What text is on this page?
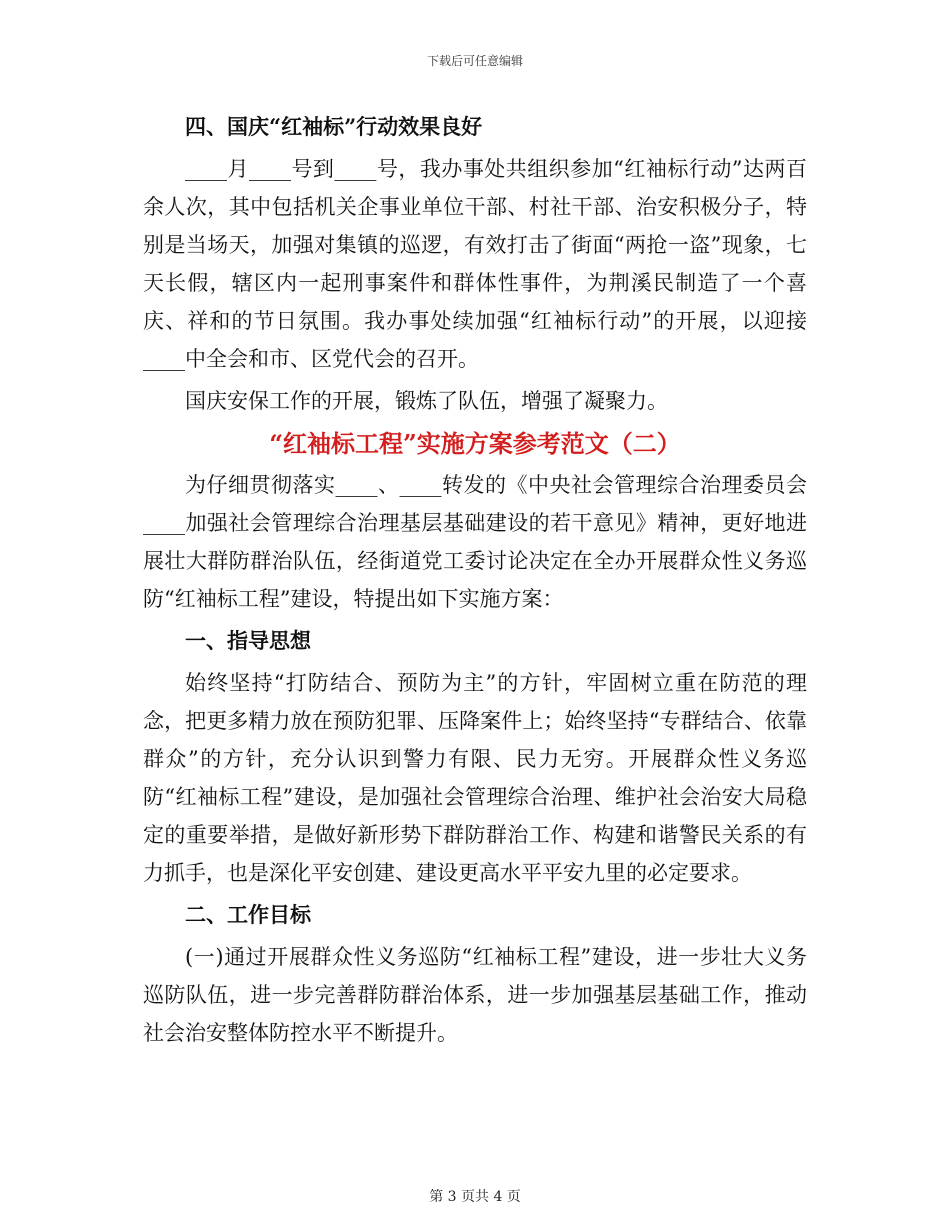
下载后可任意编辑
四、国庆“红袖标”行动效果良好
____月____号到____号，我办事处共组织参加“红袖标行动”达两百余人次，其中包括机关企事业单位干部、村社干部、治安积极分子，特别是当场天，加强对集镇的巡逻，有效打击了街面“两抢一盗”现象，七天长假，辖区内一起刑事案件和群体性事件，为荆溪民制造了一个喜庆、祥和的节日氛围。我办事处续加强“红袖标行动”的开展，以迎接____中全会和市、区党代会的召开。
国庆安保工作的开展，锻炼了队伍，增强了凝聚力。
“红袖标工程”实施方案参考范文（二）
为仔细贯彻落实____、____转发的《中央社会管理综合治理委员会____加强社会管理综合治理基层基础建设的若干意见》精神，更好地进展壮大群防群治队伍，经街道党工委讨论决定在全办开展群众性义务巡防“红袖标工程”建设，特提出如下实施方案：
一、指导思想
始终坚持“打防结合、预防为主”的方针，牢固树立重在防范的理念，把更多精力放在预防犯罪、压降案件上；始终坚持“专群结合、依靠群众”的方针，充分认识到警力有限、民力无穷。开展群众性义务巡防“红袖标工程”建设，是加强社会管理综合治理、维护社会治安大局稳定的重要举措，是做好新形势下群防群治工作、构建和谐警民关系的有力抓手，也是深化平安创建、建设更高水平平安九里的必定要求。
二、工作目标
(一)通过开展群众性义务巡防“红袖标工程”建设，进一步壮大义务巡防队伍，进一步完善群防群治体系，进一步加强基层基础工作，推动社会治安整体防控水平不断提升。
第 3 页共 4 页
